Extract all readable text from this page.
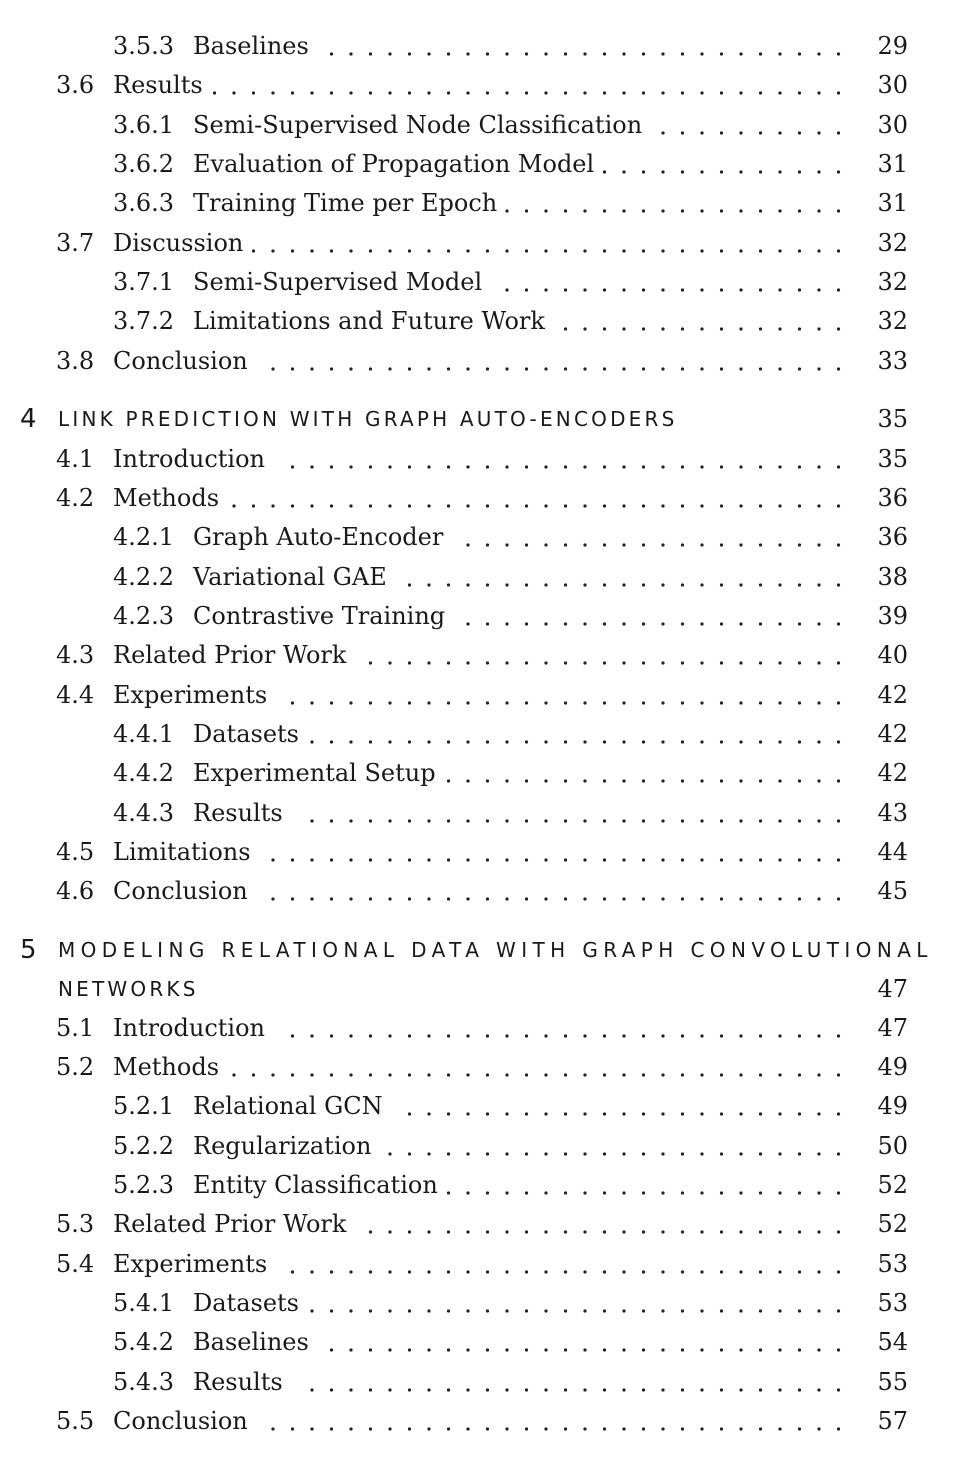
3.5.3 Baselines	29
3.6 Results	30
3.6.1 Semi-Supervised Node Classification	30
3.6.2 Evaluation of Propagation Model	31
3.6.3 Training Time per Epoch	31
3.7 Discussion	32
3.7.1 Semi-Supervised Model	32
3.7.2 Limitations and Future Work	32
3.8 Conclusion	33
4 LINK PREDICTION WITH GRAPH AUTO-ENCODERS	35
4.1 Introduction	35
4.2 Methods	36
4.2.1 Graph Auto-Encoder	36
4.2.2 Variational GAE	38
4.2.3 Contrastive Training	39
4.3 Related Prior Work	40
4.4 Experiments	42
4.4.1 Datasets	42
4.4.2 Experimental Setup	42
4.4.3 Results	43
4.5 Limitations	44
4.6 Conclusion	45
5 MODELING RELATIONAL DATA WITH GRAPH CONVOLUTIONAL
NETWORKS	47
5.1 Introduction	47
5.2 Methods	49
5.2.1 Relational GCN	49
5.2.2 Regularization	50
5.2.3 Entity Classification	52
5.3 Related Prior Work	52
5.4 Experiments	53
5.4.1 Datasets	53
5.4.2 Baselines	54
5.4.3 Results	55
5.5 Conclusion	57
